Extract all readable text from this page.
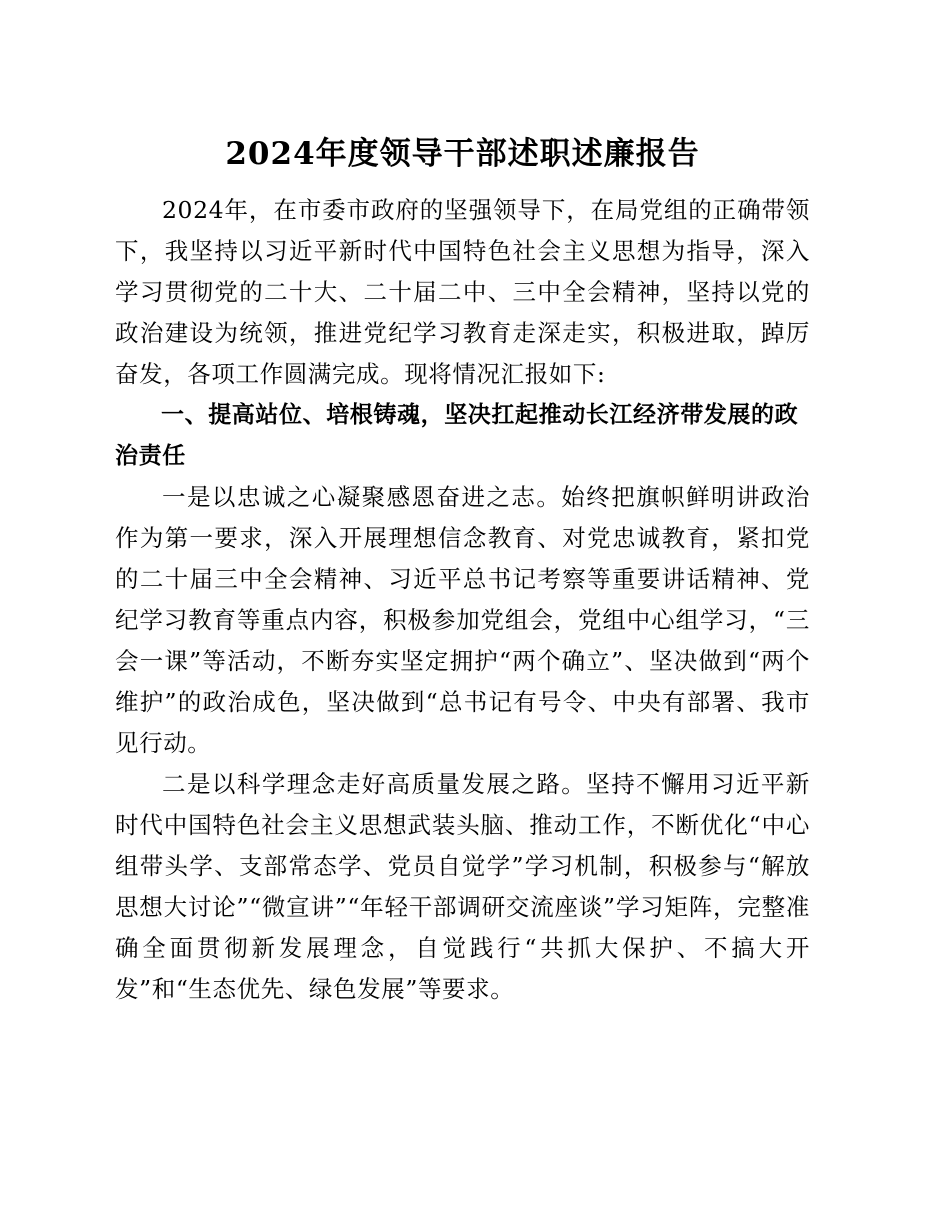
2024年度领导干部述职述廉报告

2024年，在市委市政府的坚强领导下，在局党组的正确带领下，我坚持以习近平新时代中国特色社会主义思想为指导，深入学习贯彻党的二十大、二十届二中、三中全会精神，坚持以党的政治建设为统领，推进党纪学习教育走深走实，积极进取，踔厉奋发，各项工作圆满完成。现将情况汇报如下:

一、提高站位、培根铸魂，坚决扛起推动长江经济带发展的政治责任

一是以忠诚之心凝聚感恩奋进之志。始终把旗帜鲜明讲政治作为第一要求，深入开展理想信念教育、对党忠诚教育，紧扣党的二十届三中全会精神、习近平总书记考察等重要讲话精神、党纪学习教育等重点内容，积极参加党组会，党组中心组学习，“三会一课”等活动，不断夯实坚定拥护“两个确立”、坚决做到“两个维护”的政治成色，坚决做到“总书记有号令、中央有部署、我市见行动。

二是以科学理念走好高质量发展之路。坚持不懈用习近平新时代中国特色社会主义思想武装头脑、推动工作，不断优化“中心组带头学、支部常态学、党员自觉学”学习机制，积极参与“解放思想大讨论”“微宣讲”“年轻干部调研交流座谈”学习矩阵，完整准确全面贯彻新发展理念，自觉践行“共抓大保护、不搞大开发”和“生态优先、绿色发展”等要求。
